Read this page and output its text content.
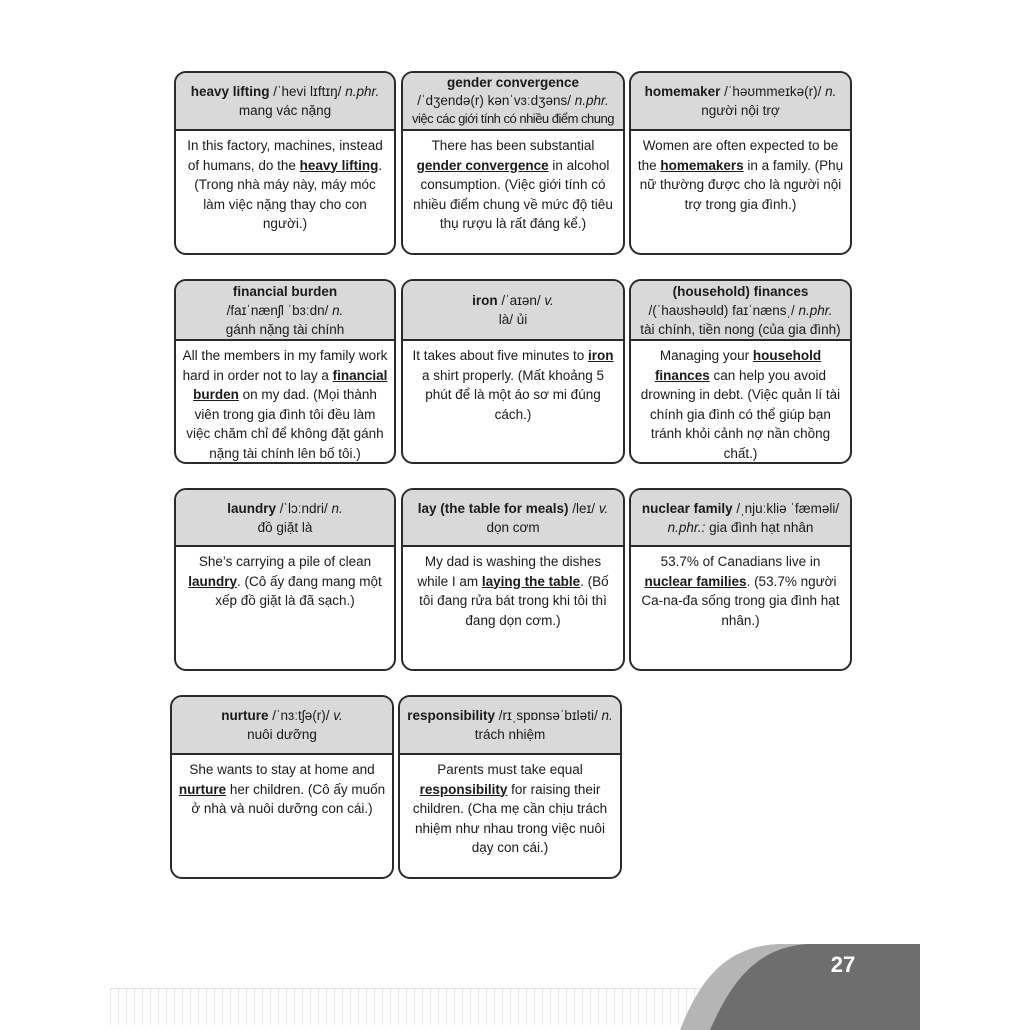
heavy lifting /ˈhevi lɪftɪŋ/ n.phr.
mang vác nặng
In this factory, machines, instead of humans, do the heavy lifting. (Trong nhà máy này, máy móc làm việc nặng thay cho con người.)
gender convergence
/ˈdʒendə(r) kənˈvɜːdʒəns/ n.phr.
việc các giới tính có nhiều điểm chung
There has been substantial gender convergence in alcohol consumption. (Việc giới tính có nhiều điểm chung về mức độ tiêu thụ rượu là rất đáng kể.)
homemaker /ˈhəʊmmeɪkə(r)/ n.
người nội trợ
Women are often expected to be the homemakers in a family. (Phụ nữ thường được cho là người nội trợ trong gia đình.)
financial burden
/faɪˈnænʃl ˈbɜːdn/ n.
gánh nặng tài chính
All the members in my family work hard in order not to lay a financial burden on my dad. (Mọi thành viên trong gia đình tôi đều làm việc chăm chỉ để không đặt gánh nặng tài chính lên bố tôi.)
iron /ˈaɪən/ v.
là/ ủi
It takes about five minutes to iron a shirt properly. (Mất khoảng 5 phút để là một áo sơ mi đúng cách.)
(household) finances
/(ˈhaʊshəʊld) faɪˈnænsˌ/ n.phr.
tài chính, tiền nong (của gia đình)
Managing your household finances can help you avoid drowning in debt. (Việc quản lí tài chính gia đình có thể giúp bạn tránh khỏi cảnh nợ nần chồng chất.)
laundry /ˈlɔːndri/ n.
đồ giặt là
She’s carrying a pile of clean laundry. (Cô ấy đang mang một xếp đồ giặt là đã sạch.)
lay (the table for meals) /leɪ/ v.
dọn cơm
My dad is washing the dishes while I am laying the table. (Bố tôi đang rửa bát trong khi tôi thì đang dọn cơm.)
nuclear family /ˌnjuːkliə ˈfæməli/ n.phr.: gia đình hạt nhân
53.7% of Canadians live in nuclear families. (53.7% người Ca-na-đa sống trong gia đình hạt nhân.)
nurture /ˈnɜːtʃə(r)/ v.
nuôi dưỡng
She wants to stay at home and nurture her children. (Cô ấy muốn ở nhà và nuôi dưỡng con cái.)
responsibility /rɪˌspɒnsəˈbɪləti/ n.
trách nhiệm
Parents must take equal responsibility for raising their children. (Cha mẹ cần chịu trách nhiệm như nhau trong việc nuôi dạy con cái.)
27
